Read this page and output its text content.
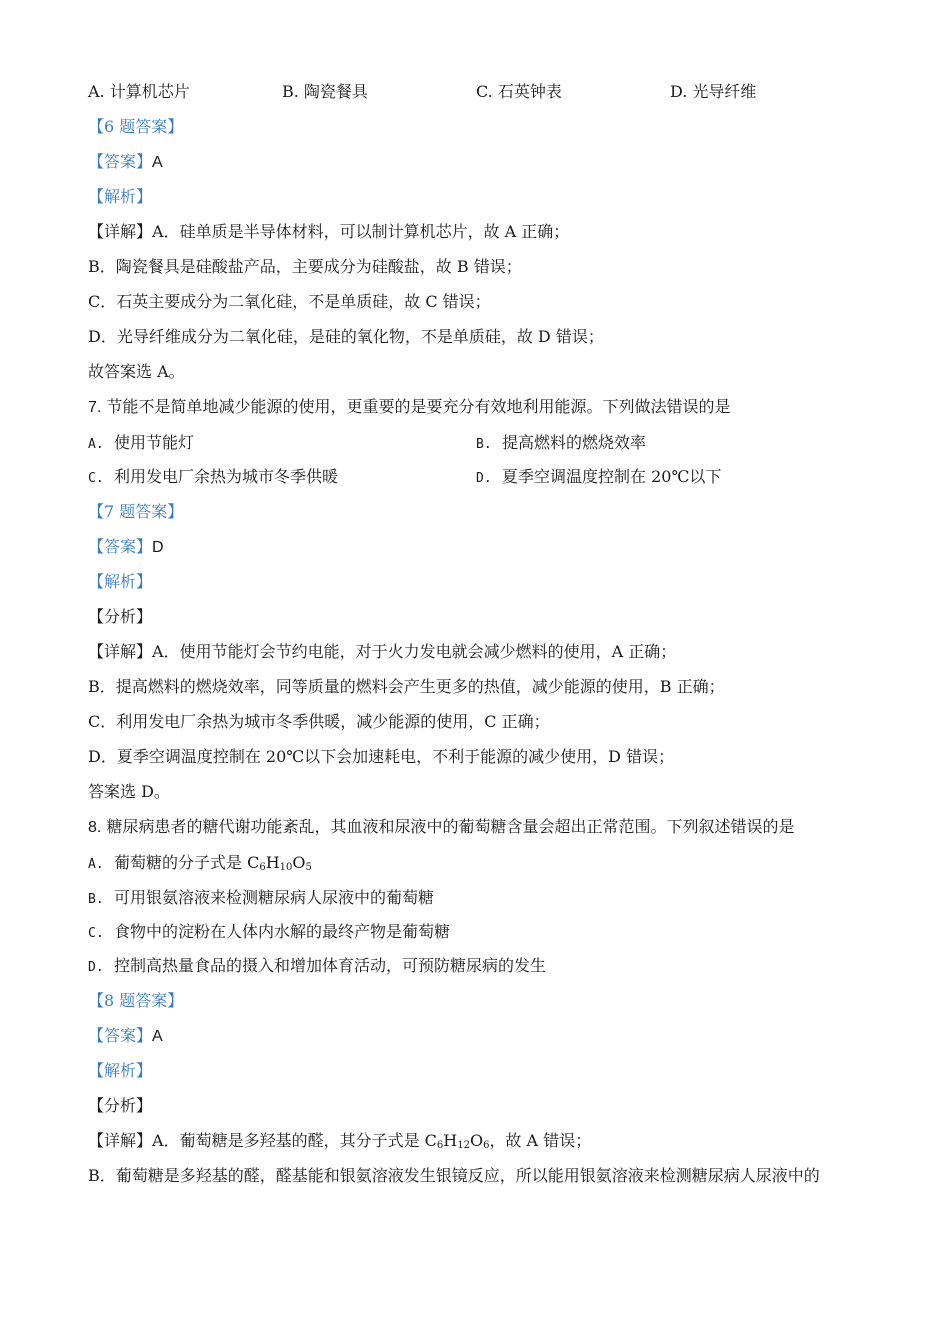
A. 计算机芯片	B. 陶瓷餐具	C. 石英钟表	D. 光导纤维
【6 题答案】
【答案】A
【解析】
【详解】A．硅单质是半导体材料，可以制计算机芯片，故 A 正确；
B．陶瓷餐具是硅酸盐产品，主要成分为硅酸盐，故 B 错误；
C．石英主要成分为二氧化硅，不是单质硅，故 C 错误；
D．光导纤维成分为二氧化硅，是硅的氧化物，不是单质硅，故 D 错误；
故答案选 A。
7. 节能不是简单地减少能源的使用，更重要的是要充分有效地利用能源。下列做法错误的是
A. 使用节能灯	B. 提高燃料的燃烧效率
C. 利用发电厂余热为城市冬季供暖	D. 夏季空调温度控制在 20℃以下
【7 题答案】
【答案】D
【解析】
【分析】
【详解】A．使用节能灯会节约电能，对于火力发电就会减少燃料的使用，A 正确；
B．提高燃料的燃烧效率，同等质量的燃料会产生更多的热值，减少能源的使用，B 正确；
C．利用发电厂余热为城市冬季供暖，减少能源的使用，C 正确；
D．夏季空调温度控制在 20℃以下会加速耗电，不利于能源的减少使用，D 错误；
答案选 D。
8. 糖尿病患者的糖代谢功能紊乱，其血液和尿液中的葡萄糖含量会超出正常范围。下列叙述错误的是
A. 葡萄糖的分子式是 $C_6H_{10}O_5$
B. 可用银氨溶液来检测糖尿病人尿液中的葡萄糖
C. 食物中的淀粉在人体内水解的最终产物是葡萄糖
D. 控制高热量食品的摄入和增加体育活动，可预防糖尿病的发生
【8 题答案】
【答案】A
【解析】
【分析】
【详解】A．葡萄糖是多羟基的醛，其分子式是 $C_6H_{12}O_6$，故 A 错误；
B．葡萄糖是多羟基的醛，醛基能和银氨溶液发生银镜反应，所以能用银氨溶液来检测糖尿病人尿液中的
